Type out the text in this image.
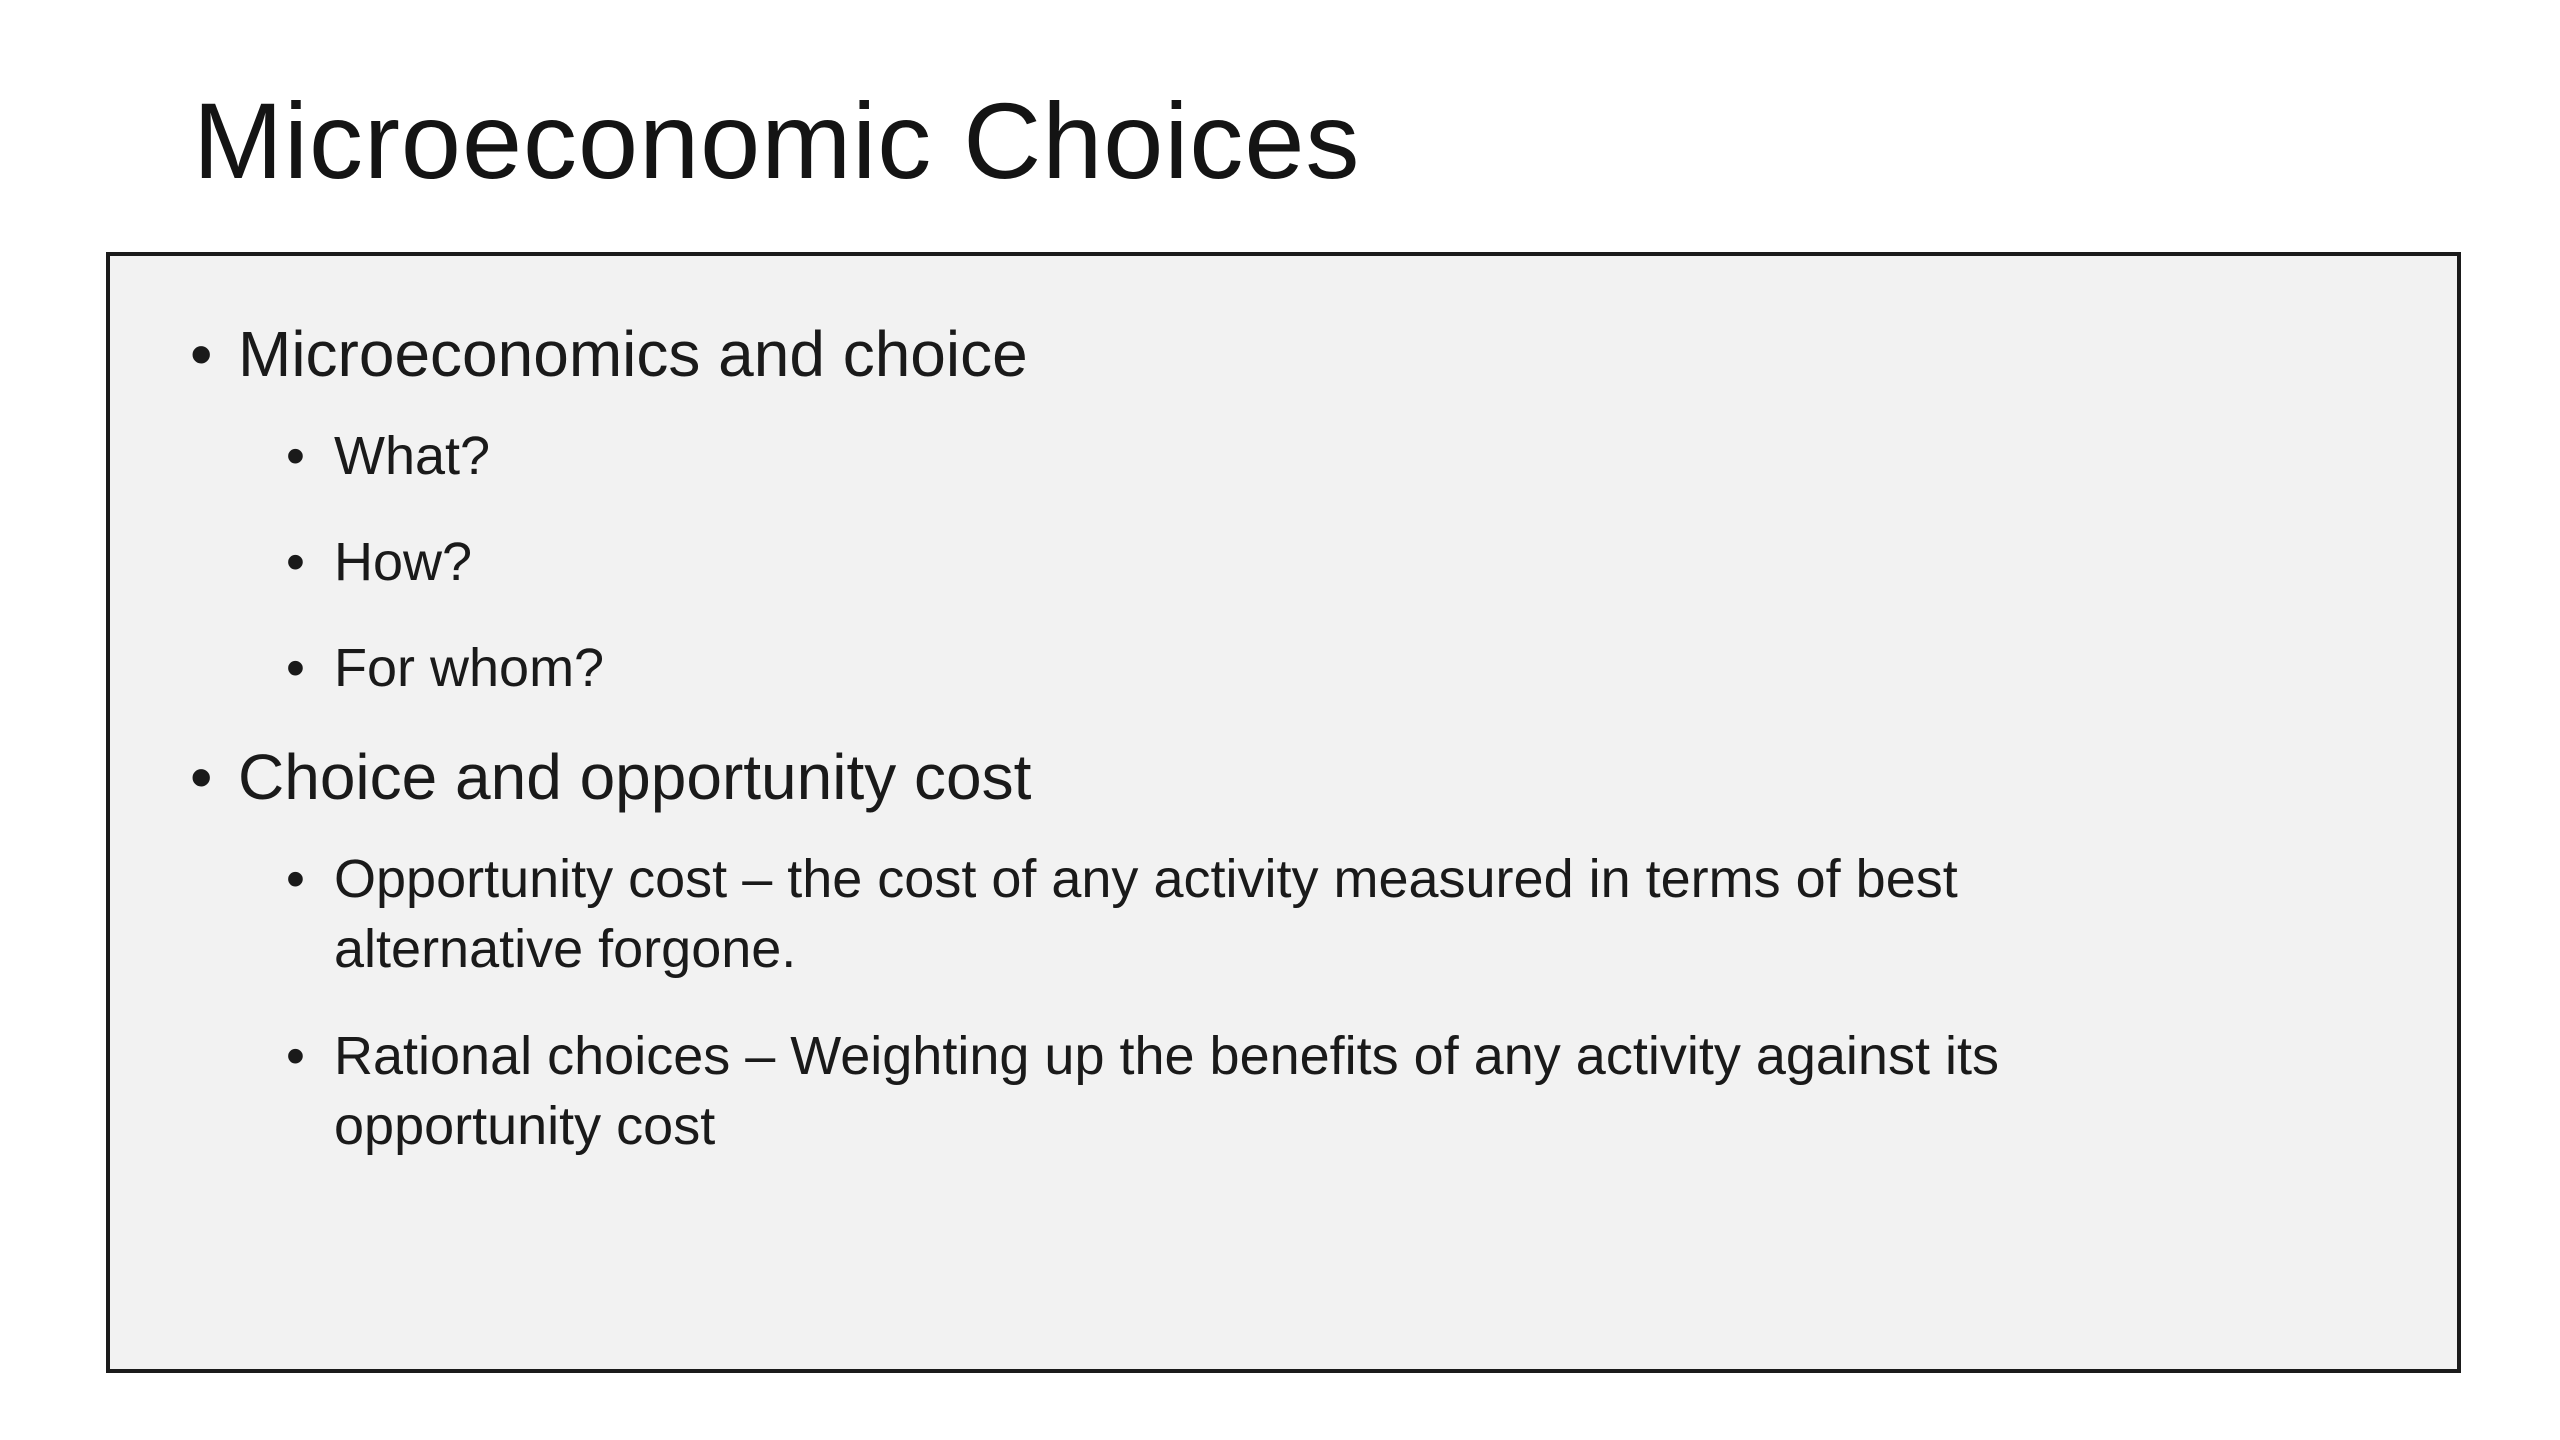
Microeconomic Choices
• Microeconomics and choice
• What?
• How?
• For whom?
• Choice and opportunity cost
• Opportunity cost – the cost of any activity measured in terms of best alternative forgone.
• Rational choices – Weighting up the benefits of any activity against its opportunity cost
